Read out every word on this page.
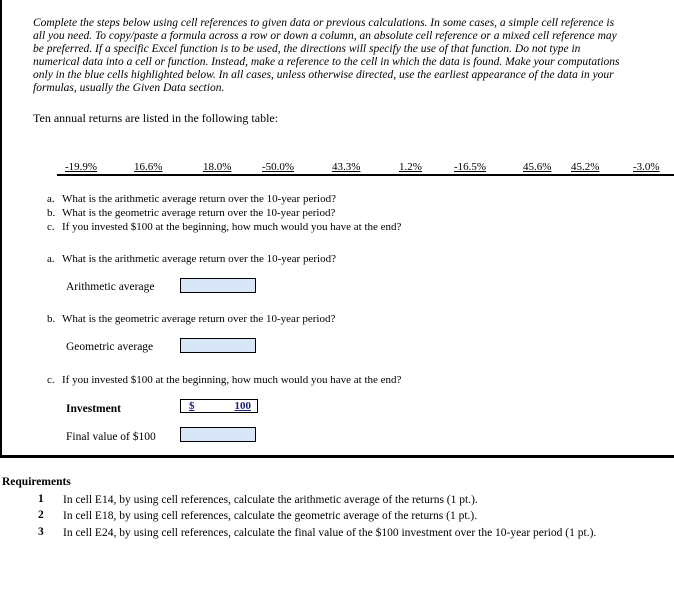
Complete the steps below using cell references to given data or previous calculations. In some cases, a simple cell reference is all you need. To copy/paste a formula across a row or down a column, an absolute cell reference or a mixed cell reference may be preferred. If a specific Excel function is to be used, the directions will specify the use of that function. Do not type in numerical data into a cell or function. Instead, make a reference to the cell in which the data is found. Make your computations only in the blue cells highlighted below. In all cases, unless otherwise directed, use the earliest appearance of the data in your formulas, usually the Given Data section.
Ten annual returns are listed in the following table:
-19.9%	16.6%	18.0%	-50.0%	43.3%	1.2%	-16.5%	45.6% 45.2%	-3.0%
a. What is the arithmetic average return over the 10-year period?
b. What is the geometric average return over the 10-year period?
c. If you invested $100 at the beginning, how much would you have at the end?
a. What is the arithmetic average return over the 10-year period?
Arithmetic average
b. What is the geometric average return over the 10-year period?
Geometric average
c. If you invested $100 at the beginning, how much would you have at the end?
Investment	$	100
Final value of $100
Requirements
1 In cell E14, by using cell references, calculate the arithmetic average of the returns (1 pt.).
2 In cell E18, by using cell references, calculate the geometric average of the returns (1 pt.).
3 In cell E24, by using cell references, calculate the final value of the $100 investment over the 10-year period (1 pt.).
